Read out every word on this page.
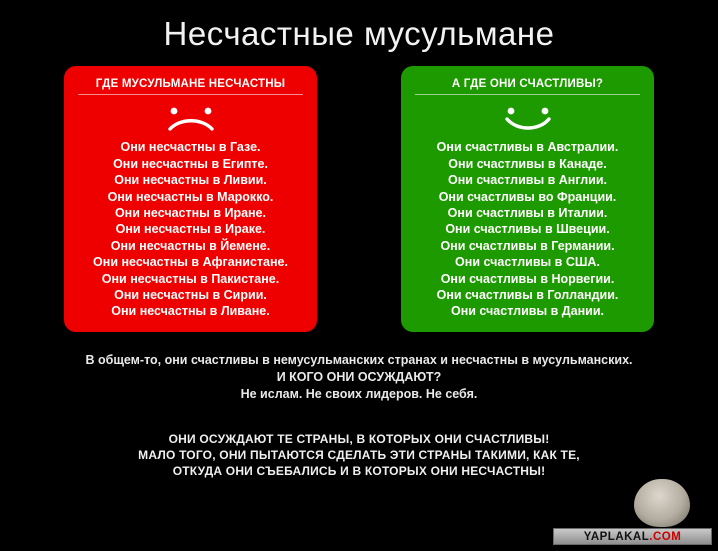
Несчастные мусульмане
ГДЕ МУСУЛЬМАНЕ НЕСЧАСТНЫ
Они несчастны в Газе.
Они несчастны в Египте.
Они несчастны в Ливии.
Они несчастны в Марокко.
Они несчастны в Иране.
Они несчастны в Ираке.
Они несчастны в Йемене.
Они несчастны в Афганистане.
Они несчастны в Пакистане.
Они несчастны в Сирии.
Они несчастны в Ливане.
А ГДЕ ОНИ СЧАСТЛИВЫ?
Они счастливы в Австралии.
Они счастливы в Канаде.
Они счастливы в Англии.
Они счастливы во Франции.
Они счастливы в Италии.
Они счастливы в Швеции.
Они счастливы в Германии.
Они счастливы в США.
Они счастливы в Норвегии.
Они счастливы в Голландии.
Они счастливы в Дании.
В общем-то, они счастливы в немусульманских странах и несчастны в мусульманских.
И КОГО ОНИ ОСУЖДАЮТ?
Не ислам. Не своих лидеров. Не себя.
ОНИ ОСУЖДАЮТ ТЕ СТРАНЫ, В КОТОРЫХ ОНИ СЧАСТЛИВЫ!
МАЛО ТОГО, ОНИ ПЫТАЮТСЯ СДЕЛАТЬ ЭТИ СТРАНЫ ТАКИМИ, КАК ТЕ,
ОТКУДА ОНИ СЪЕБАЛИСЬ И В КОТОРЫХ ОНИ НЕСЧАСТНЫ!
YAPLAKAL.COM
